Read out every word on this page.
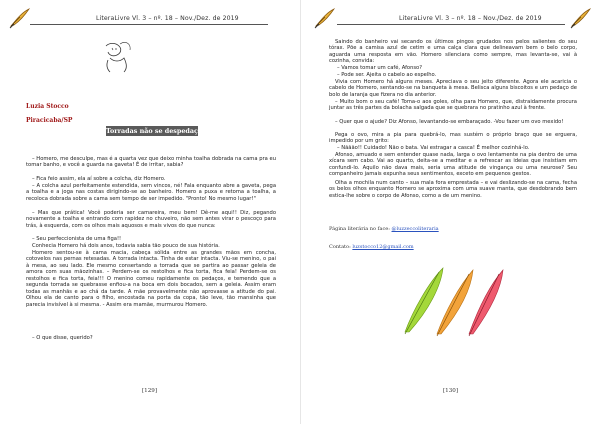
LiteraLivre Vl. 3 – nº. 18 – Nov./Dez. de 2019
Luzia Stocco
Piracicaba/SP
Torradas não se despedaçam

– Homero, me desculpe, mas é a quarta vez que deixo minha toalha dobrada na cama pra eu tomar banho, e você a guarda na gaveta! É de irritar, sabia?

– Fica feio assim, ela aí sobre a colcha, diz Homero.

– A colcha azul perfeitamente estendida, sem vincos, né! Fala enquanto abre a gaveta, pega a toalha e a joga nas costas dirigindo-se ao banheiro. Homero a puxa e retoma a toalha, a recoloca dobrada sobre a cama sem tempo de ser impedido. "Pronto! No mesmo lugar!"

– Mas que prática! Você poderia ser camareira, meu bem! Dê-me aqui!! Diz, pegando novamente a toalha e entrando com rapidez no chuveiro, não sem antes virar o pescoço para trás, à esquerda, com os olhos mais aquosos e mais vivos do que nunca:

– Seu perfeccionista de uma figa!!

Conhecia Homero há dois anos, todavia sabia tão pouco de sua história.

Homero sentou-se à cama macia, cabeça sólida entre as grandes mãos em concha, cotovelos nas pernas retesadas. A torrada intacta. Tinha de estar intacta. Viu-se menino, o pai à mesa, ao seu lado. Ele mesmo consertando a torrada que se partira ao passar geleia de amora com suas mãozinhas. – Perdem-se os restolhos e fica torta, fica feia! Perdem-se os restolhos e fica torta, feia!!! O menino comeu rapidamente os pedaços, e temendo que a segunda torrada se quebrasse enfiou-a na boca em dois bocados, sem a geleia. Assim eram todas as manhãs e ao chá da tarde. A mãe provavelmente não aprovasse a atitude do pai. Olhou ela de canto para o filho, encostada na porta da copa, tão leve, tão mansinha que parecia invisível à si mesma. - Assim era mamãe, murmurou Homero.

– O que disse, querido?

[129]
LiteraLivre Vl. 3 – nº. 18 – Nov./Dez. de 2019

Saindo do banheiro vai secando os últimos pingos grudados nos pelos salientes do seu tórax. Põe a camisa azul de cetim e uma calça clara que delineavam bem o belo corpo, aguarda uma resposta em vão. Homero silenciara como sempre, mas levanta-se, vai à cozinha, convida:

– Vamos tomar um café, Afonso?

– Pode ser. Ajeita o cabelo ao espelho.

Vivia com Homero há alguns meses. Apreciava o seu jeito diferente. Agora ele acaricia o cabelo de Homero, sentando-se na banqueta à mesa. Belisca alguns biscoitos e um pedaço de bolo de laranja que fizera no dia anterior.

– Muito bom o seu café! Toma-o aos goles, olha para Homero, que, distraidamente procura juntar as três partes da bolacha salgada que se quebrara no pratinho azul à frente.

– Quer que o ajude? Diz Afonso, levantando-se embaraçado. -Vou fazer um ovo mexido!

Pega o ovo, mira a pia para quebrá-lo, mas sustém o próprio braço que se erguera, impedido por um grito:

– Nããão!! Cuidado! Não o bata. Vai estragar a casca! É melhor cozinhá-lo.

Afonso, amuado e sem entender quase nada, larga o ovo lentamente na pia dentro de uma xícara sem cabo. Vai ao quarto, deita-se a meditar e a refrescar as ideias que insistiam em confundi-lo. Aquilo não dava mais, seria uma atitude de vingança ou uma neurose? Seu companheiro jamais expunha seus sentimentos, exceto em pequenos gestos.

Olha a mochila num canto – sua mala fora emprestada – e vai deslizando-se na cama, fecha os belos olhos enquanto Homero se aproxima com uma suave manta, que desdobrando bem estica-lhe sobre o corpo de Afonso, como a de um menino.

Página literária no face: @luzzeccoliteraria
Contato: luzstocco12@gmail.com
[130]
